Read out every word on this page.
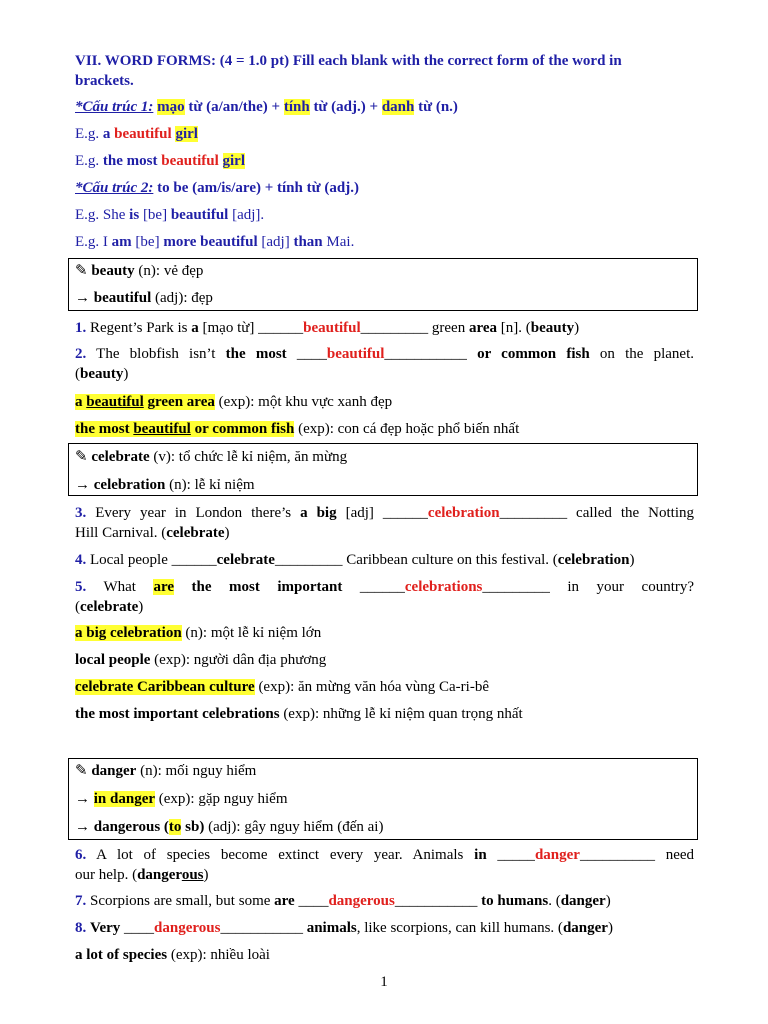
VII. WORD FORMS: (4 = 1.0 pt) Fill each blank with the correct form of the word in
brackets.
*Cấu trúc 1: mạo từ (a/an/the) + tính từ (adj.) + danh từ (n.)
E.g. a beautiful girl
E.g. the most beautiful girl
*Cấu trúc 2: to be (am/is/are) + tính từ (adj.)
E.g. She is [be] beautiful [adj].
E.g. I am [be] more beautiful [adj] than Mai.
✎ beauty (n): vẻ đẹp
→ beautiful (adj): đẹp
1. Regent’s Park is a [mạo từ] ______beautiful_________ green area [n]. (beauty)
2. The blobfish isn’t the most ____beautiful___________ or common fish on the planet.
(beauty)
a beautiful green area (exp): một khu vực xanh đẹp
the most beautiful or common fish (exp): con cá đẹp hoặc phổ biến nhất
✎ celebrate (v): tổ chức lễ kỉ niệm, ăn mừng
→ celebration (n): lễ kỉ niệm
3. Every year in London there’s a big [adj] ______celebration_________ called the Notting
Hill Carnival. (celebrate)
4. Local people ______celebrate_________ Caribbean culture on this festival. (celebration)
5. What are the most important ______celebrations_________ in your country?
(celebrate)
a big celebration (n): một lễ kỉ niệm lớn
local people (exp): người dân địa phương
celebrate Caribbean culture (exp): ăn mừng văn hóa vùng Ca-ri-bê
the most important celebrations (exp): những lễ kỉ niệm quan trọng nhất
✎ danger (n): mối nguy hiểm
→ in danger (exp): gặp nguy hiểm
→ dangerous (to sb) (adj): gây nguy hiểm (đến ai)
6. A lot of species become extinct every year. Animals in _____danger__________ need
our help. (dangerous)
7. Scorpions are small, but some are ____dangerous___________ to humans. (danger)
8. Very ____dangerous___________ animals, like scorpions, can kill humans. (danger)
a lot of species (exp): nhiều loài
1
